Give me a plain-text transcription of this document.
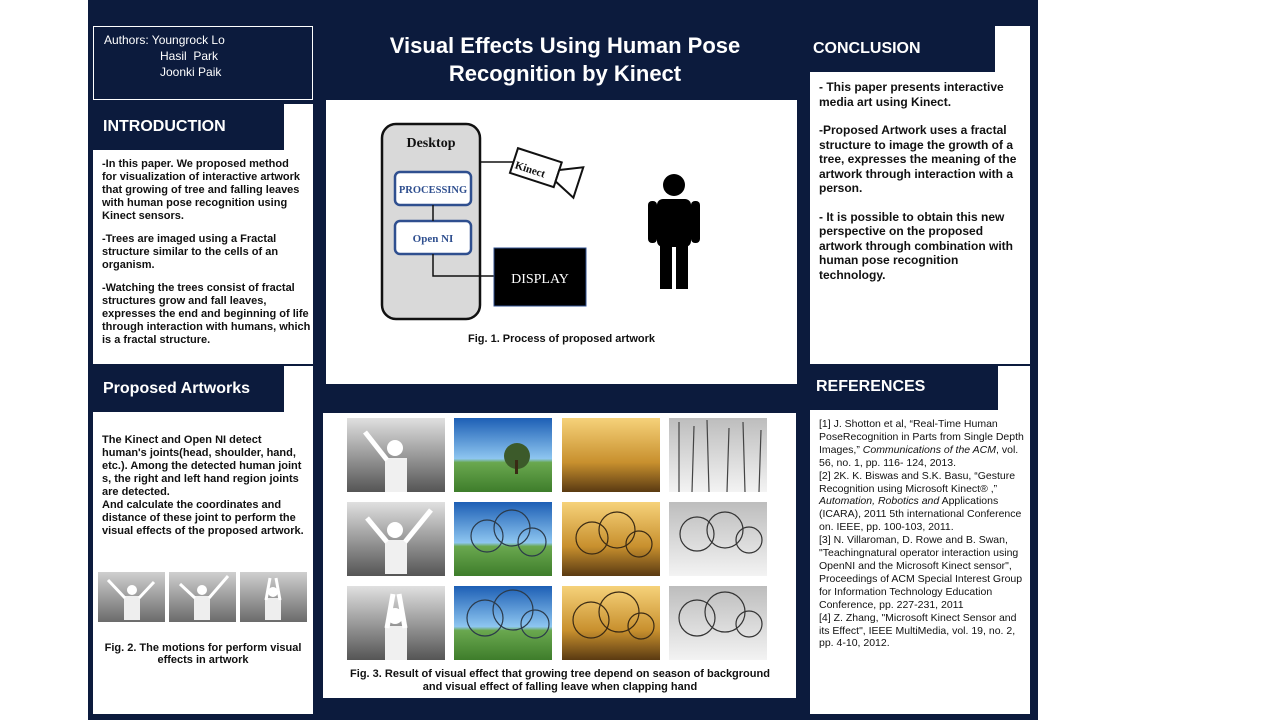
Authors: Youngrock Lo
Hasil  Park
Joonki Paik
Visual Effects Using Human Pose
Recognition by Kinect
INTRODUCTION

-In this paper. We proposed method
for visualization of interactive artwork
that growing of tree and falling leaves
with human pose recognition using
Kinect sensors.

-Trees are imaged using a Fractal
structure similar to the cells of an
organism.

-Watching the trees consist of fractal
structures grow and fall leaves,
expresses the end and beginning of life
through interaction with humans, which
is a fractal structure.

Proposed Artworks

The Kinect and Open NI detect
human's joints(head, shoulder, hand,
etc.). Among the detected human joint
s, the right and left hand region joints
are detected.
And calculate the coordinates and
distance of these joint to perform the
visual effects of the proposed artwork.

Fig. 2. The motions for perform visual
effects in artwork
Desktop
PROCESSING
Open NI
Kinect
DISPLAY
Fig. 1. Process of proposed artwork
Fig. 3. Result of visual effect that growing tree depend on season of background
and visual effect of falling leave when clapping hand
CONCLUSION

- This paper presents interactive
media art using Kinect.

-Proposed Artwork uses a fractal
structure to image the growth of a
tree, expresses the meaning of the
artwork through interaction with a
person.

- It is possible to obtain this new
perspective on the proposed
artwork through combination with
human pose recognition
technology.

REFERENCES

[1] J. Shotton et al, “Real-Time Human PoseRecognition in Parts from Single Depth Images,” Communications of the ACM, vol. 56, no. 1, pp. 116- 124, 2013.

[2] 2K. K. Biswas and S.K. Basu, “Gesture Recognition using Microsoft Kinect® ,” Automation, Robotics and Applications (ICARA), 2011 5th international Conference on. IEEE, pp. 100-103, 2011.

[3] N. Villaroman, D. Rowe and B. Swan, "Teachingnatural operator interaction using OpenNI and the Microsoft Kinect sensor", Proceedings of ACM Special Interest Group for Information Technology Education Conference, pp. 227-231, 2011

[4] Z. Zhang, "Microsoft Kinect Sensor and its Effect", IEEE MultiMedia, vol. 19, no. 2, pp. 4-10, 2012.
